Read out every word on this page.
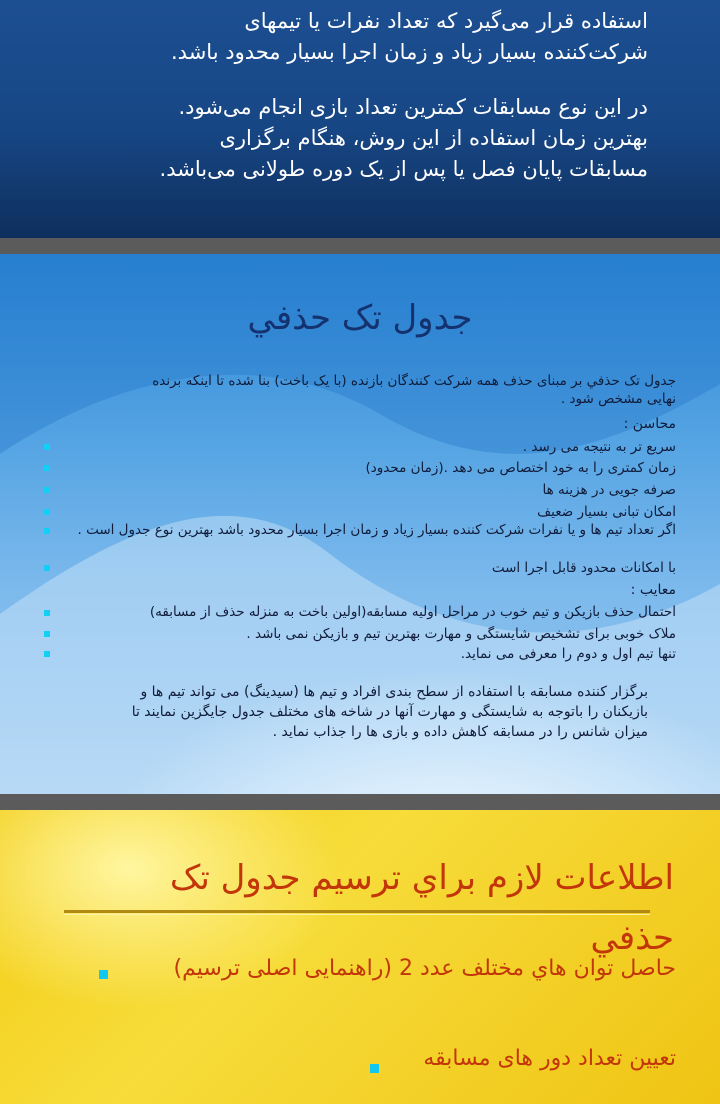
استفاده قرار می‌گیرد که تعداد نفرات یا تیمهای
شرکت‌کننده بسیار زیاد و زمان اجرا بسیار محدود باشد.
در این نوع مسابقات کمترین تعداد بازی انجام می‌شود.
بهترین زمان استفاده از این روش، هنگام برگزاری
مسابقات پایان فصل یا پس از یک دوره طولانی می‌باشد.
جدول تک حذفي
جدول تک حذفي بر مبنای حذف همه شرکت کنندگان بازنده (با یک باخت) بنا شده تا اینکه برنده
نهایی مشخص شود .
محاسن :
سریع تر به نتیجه می رسد .
زمان کمتری را به خود اختصاص می دهد .(زمان محدود)
صرفه جویی در هزینه ها
امکان تبانی بسیار ضعیف
اگر تعداد تیم ها و یا نفرات شرکت کننده بسیار زیاد و زمان اجرا بسیار محدود باشد بهترین نوع جدول است .
با امکانات محدود قابل اجرا است
معایب :
احتمال حذف بازیکن و تیم خوب در مراحل اولیه مسابقه(اولین باخت به منزله حذف از مسابقه)
ملاک خوبی برای تشخیص شایستگی و مهارت بهترین تیم و بازیکن نمی باشد .
تنها تیم اول و دوم را معرفی می نماید.
برگزار کننده مسابقه با استفاده از سطح بندی افراد و تیم ها (سیدینگ) می تواند تیم ها و
بازیکنان را باتوجه به شایستگی و مهارت آنها در شاخه های مختلف جدول جایگزین نمایند تا
میزان شانس را در مسابقه کاهش داده و بازی ها را جذاب نماید .
اطلاعات لازم براي ترسيم جدول تک حذفي
حاصل توان هاي مختلف عدد 2 (راهنمايی اصلی ترسیم)
تعیین تعداد دور های مسابقه
